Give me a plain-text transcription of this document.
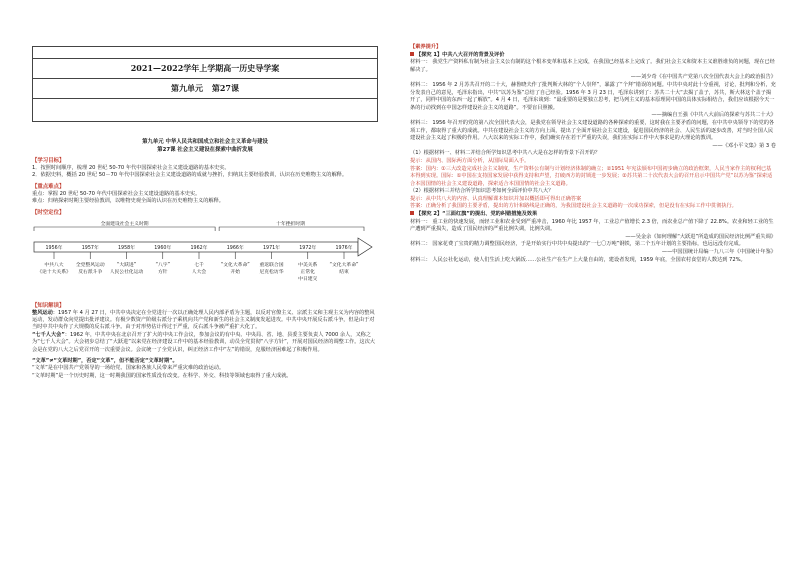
2021—2022学年上学期高一历史导学案
第九单元 第27课
第九单元 中华人民共和国成立和社会主义革命与建设
第27课 社会主义建设在探索中曲折发展
【学习目标】
1．按照时间顺序，梳理 20 世纪 50-70 年代中国探索社会主义建设道路的基本史实。
2．依据史料，概括 20 世纪 50－70 年代中国探索社会主义建设道路的成就与挫折，归纳其主要经验教训，认识在历史唯物主义的解释。
【重点难点】
重点：掌握 20 世纪 50-70 年代中国探索社会主义建设道路的基本史实。
难点：归纳探索时期主要经验教训，以唯物史观全面的认识在历史唯物主义的解释。
【时空定位】
全面建设社会主义时期	十年挫折时期
1956年
中共八大
《论十大关系》
1957年
全党整风运动
反右派斗争
1958年
“大跃进”
人民公社化运动
1960年
“八字”
方针
1962年
七千
人大会
1966年
“文化大革命”
开始
1971年
重返联合国
尼克松访华
1972年
中美关系
正常化
中日建交
1976年
“文化大革命”
结束
【知识解读】
整风运动：1957 年 4 月 27 日，中共中央决定在全党进行一次以正确处理人民内部矛盾为主题，以反对官僚主义、宗派主义和主观主义为内容的整风运动，发动群众向党提出批评建议。有极少数资产阶级右派分子乘机向共产党和新生的社会主义制度发起进攻。中共中央开展反右派斗争，但是由于对当时中共中央作了大规模的反右派斗争。由于对形势估计得过于严重，反右派斗争被严重扩大化了。
“七千人大会”：1962 年，中共中央在北京召开了扩大的中央工作会议，参加会议的有中央、中央局、省、地、县委主要负责人 7000 余人，又称之为“七千人大会”。大会初步总结了“大跃进”以来党在经济建设工作中的基本经验教训，动员全党贯彻“八字方针”，开展对国民经济的调整工作。这次大会是在党的八大之后党召开的一次重要会议。会议统一了全党认识，纠正经济工作中“左”的错误，克服经济困难起了积极作用。
“文革”≠“文革时期”，否定“文革”，但不能否定“文革时期”。
“文革”是在中国共产党领导的一场给党、国家和各族人民带来严重灾难的政治运动。
“文革时期”是一个历史时期，这一时期我国的国家性质没有改变。在科学、外交、科技等领域也取得了重大成就。
【素养提升】
【探究 1】中共八大召开的背景及评价
材料一： 我党生产资料私有制为社会主义公有制的这个根本变革和基本上完成，在我国已经基本上完成了。我们社会主义和资本主义谁胜谁负的问题，现在已经解决了。
——刘少奇《在中国共产党第八次全国代表大会上的政治报告》
材料二： 1956 年 2 月苏共召开的二十大，赫鲁晓夫作了批判斯大林的“个人崇拜”，暴露了“个拜”错误的问题。中共中央对此十分重视，讨论，批判和分析，充分发表自己的意见，毛泽东指出，中共“以苏为鉴”总结了自己经验。1956 年 3 月 23 日，毛泽东讲到了：苏共二十大“去揭了盖子，苏共，斯大林这个盖子揭开了，同样中国的东西一起了解放”。4 月 4 日，毛泽东谈到：“最重要的是要独立思考，把马列主义的基本原理同中国的具体实际相结合，我们应该根据今天一条的行动找到在中国怎样建设社会主义的道路”。不要盲目照搬。
——摘编自王强《中共八大前后的探索与苏共二十大》
材料三： 1956 年召开的党的第八次全国代表大会，是我党在领导社会主义建设道路的各种探索的重要，这时我在主要矛盾的问题，在中共中央领导下的党的各项工作，都取得了重大的成就。中共在建设社会主义的方向上面，提出了全面开展社会主义建设，促进国民经济的社会、人民生活的逐步改善，对当时全国人民建设社会主义起了积极的作用。八大以来的实际工作中，我们确实存在若干严重的失误，我们在实际工作中大事求是的大理论的教训。
——《邓小平文集》第 3 卷
（1）根据材料一、材料二并结合所学知识思考中共八大是在怎样的背景下召开的？
提示：从国内、国际两方面分析，从国际局面入手。
答案：国内：①三大改造完成社会主义制度，生产资料公有制与计划经济体制的确立；②1951 年宪法颁布中国初步确立的政治框架，人民当家作主的权利已基本得到实现。国际：①中国在支持国家发展中获得支持和声望，打破西方的封锁进一步发展；②苏共第二十次代表大会的召开启示中国共产党“以苏为鉴”探索适合本国国情的社会主义建设道路，探索适合本国国情的社会主义道路。
（2）根据材料三并结合所学知识思考如何全面评价中共八大？
提示：从中共八大的内容、认真理解课本知识并加以概括即可得出正确答案
答案：正确分析了我国的主要矛盾，提出的方针和路线是正确的，为我国建设社会主义道路的一次成功探索，但是没有在实际工作中贯彻执行。
【探究 2】“三面红旗”的提出、党的纠错措施及效果
材料一： 重工业的快速发展，而轻工业和农业受到严重冲击，1960 年比 1957 年，工业总产值增长 2.3 倍，而农业总产值下降了 22.8%。农业和轻工业的生产遭到严重损失，造成了国民经济的严重比例失调，比例失调。
——吴金余《如何理解“大跃进”所造成的国民经济比例严重失调》
材料二： 国家花费了宝贵的精力调整国民经济，于是开始实行中共中央提出的“一七〇万吨”钢铁，第二个五年计划的主要指标，也远远没有完成。
——中国国统计局编一九八三年《中国统计年鉴》
材料三： 人民公社化运动，使人们生活上吃大锅饭……公社生产在生产上大量自由的，建设者发现，1959 年底，全国农村食堂的人数达到 72%。
